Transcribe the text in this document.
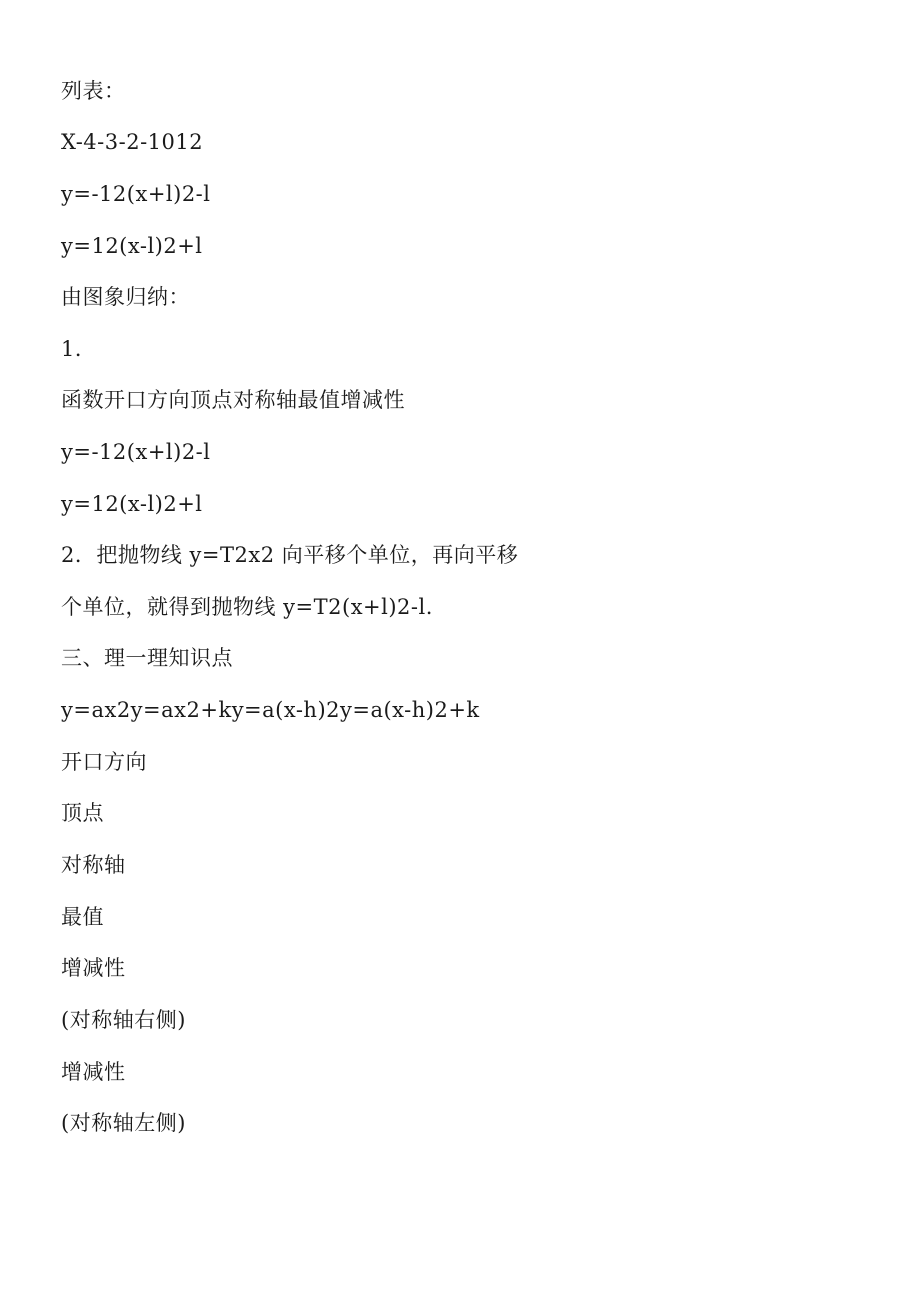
列表：
X-4-3-2-1012
y=-12(x+l)2-l
y=12(x-l)2+l
由图象归纳：
1．
函数开口方向顶点对称轴最值增减性
y=-12(x+l)2-l
y=12(x-l)2+l
2．把抛物线 y=T2x2 向平移个单位，再向平移
个单位，就得到抛物线 y=T2(x+l)2-l.
三、理一理知识点
y=ax2y=ax2+ky=a(x-h)2y=a(x-h)2+k
开口方向
顶点
对称轴
最值
增减性
(对称轴右侧)
增减性
(对称轴左侧)
